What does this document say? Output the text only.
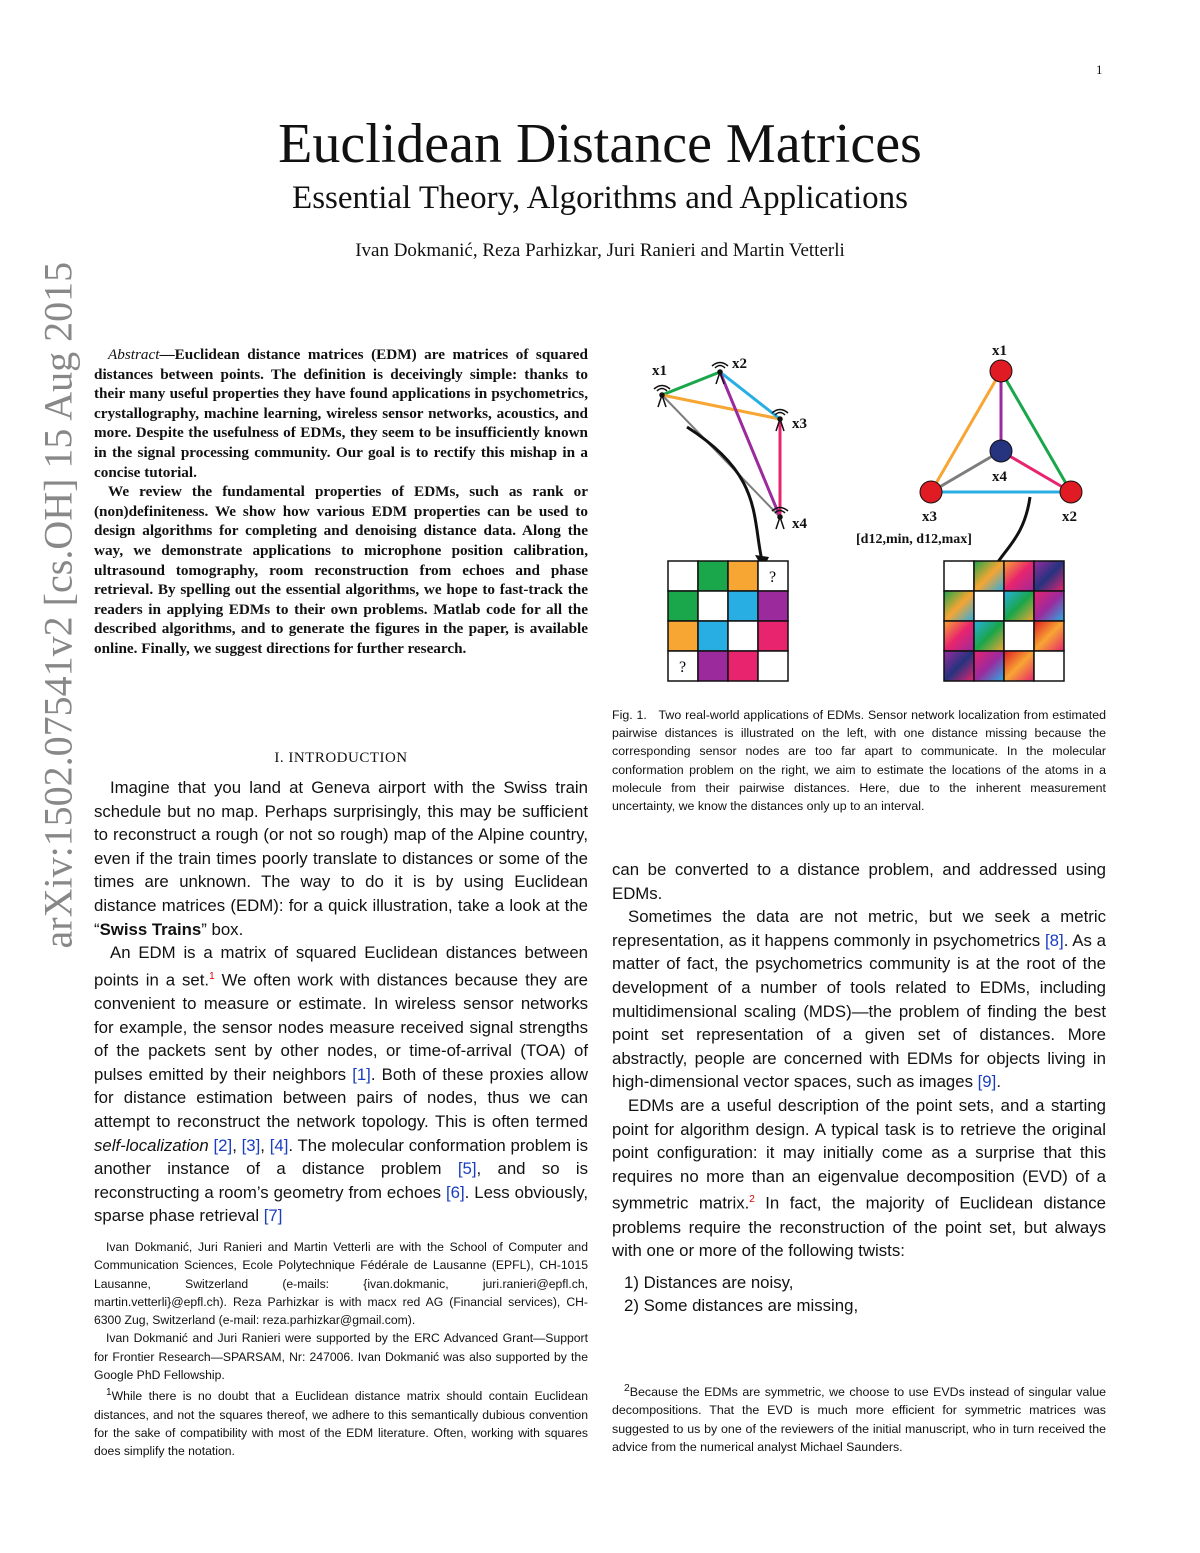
1
Euclidean Distance Matrices
Essential Theory, Algorithms and Applications
Ivan Dokmanić, Reza Parhizkar, Juri Ranieri and Martin Vetterli
arXiv:1502.07541v2 [cs.OH] 15 Aug 2015	Abstract—Euclidean distance matrices (EDM) are matrices of squared distances between points. The definition is deceivingly simple: thanks to their many useful properties they have found applications in psychometrics, crystallography, machine learning, wireless sensor networks, acoustics, and more. Despite the usefulness of EDMs, they seem to be insufficiently known in the signal processing community. Our goal is to rectify this mishap in a concise tutorial.

We review the fundamental properties of EDMs, such as rank or (non)definiteness. We show how various EDM properties can be used to design algorithms for completing and denoising distance data. Along the way, we demonstrate applications to microphone position calibration, ultrasound tomography, room reconstruction from echoes and phase retrieval. By spelling out the essential algorithms, we hope to fast-track the readers in applying EDMs to their own problems. Matlab code for all the described algorithms, and to generate the figures in the paper, is available online. Finally, we suggest directions for further research.

I. INTRODUCTION

Imagine that you land at Geneva airport with the Swiss train schedule but no map. Perhaps surprisingly, this may be sufficient to reconstruct a rough (or not so rough) map of the Alpine country, even if the train times poorly translate to distances or some of the times are unknown. The way to do it is by using Euclidean distance matrices (EDM): for a quick illustration, take a look at the “Swiss Trains” box.

An EDM is a matrix of squared Euclidean distances between points in a set.$^1$ We often work with distances because they are convenient to measure or estimate. In wireless sensor networks for example, the sensor nodes measure received signal strengths of the packets sent by other nodes, or time-of-arrival (TOA) of pulses emitted by their neighbors [1]. Both of these proxies allow for distance estimation between pairs of nodes, thus we can attempt to reconstruct the network topology. This is often termed self-localization [2], [3], [4]. The molecular conformation problem is another instance of a distance problem [5], and so is reconstructing a room’s geometry from echoes [6]. Less obviously, sparse phase retrieval [7]

Ivan Dokmanić, Juri Ranieri and Martin Vetterli are with the School of Computer and Communication Sciences, Ecole Polytechnique Fédérale de Lausanne (EPFL), CH-1015 Lausanne, Switzerland (e-mails: {ivan.dokmanic, juri.ranieri@epfl.ch, martin.vetterli}@epfl.ch). Reza Parhizkar is with macx red AG (Financial services), CH-6300 Zug, Switzerland (e-mail: reza.parhizkar@gmail.com).

Ivan Dokmanić and Juri Ranieri were supported by the ERC Advanced Grant—Support for Frontier Research—SPARSAM, Nr: 247006. Ivan Dokmanić was also supported by the Google PhD Fellowship.

$^1$While there is no doubt that a Euclidean distance matrix should contain Euclidean distances, and not the squares thereof, we adhere to this semantically dubious convention for the sake of compatibility with most of the EDM literature. Often, working with squares does simplify the notation.

x1	x2
x3
x4
?
?
x1
x2
x3
x4
[d12,min, d12,max]
Fig. 1. Two real-world applications of EDMs. Sensor network localization from estimated pairwise distances is illustrated on the left, with one distance missing because the corresponding sensor nodes are too far apart to communicate. In the molecular conformation problem on the right, we aim to estimate the locations of the atoms in a molecule from their pairwise distances. Here, due to the inherent measurement uncertainty, we know the distances only up to an interval.

can be converted to a distance problem, and addressed using EDMs.

Sometimes the data are not metric, but we seek a metric representation, as it happens commonly in psychometrics [8]. As a matter of fact, the psychometrics community is at the root of the development of a number of tools related to EDMs, including multidimensional scaling (MDS)—the problem of finding the best point set representation of a given set of distances. More abstractly, people are concerned with EDMs for objects living in high-dimensional vector spaces, such as images [9].

EDMs are a useful description of the point sets, and a starting point for algorithm design. A typical task is to retrieve the original point configuration: it may initially come as a surprise that this requires no more than an eigenvalue decomposition (EVD) of a symmetric matrix.$^2$ In fact, the majority of Euclidean distance problems require the reconstruction of the point set, but always with one or more of the following twists:

1) Distances are noisy,
2) Some distances are missing,

$^2$Because the EDMs are symmetric, we choose to use EVDs instead of singular value decompositions. That the EVD is much more efficient for symmetric matrices was suggested to us by one of the reviewers of the initial manuscript, who in turn received the advice from the numerical analyst Michael Saunders.
